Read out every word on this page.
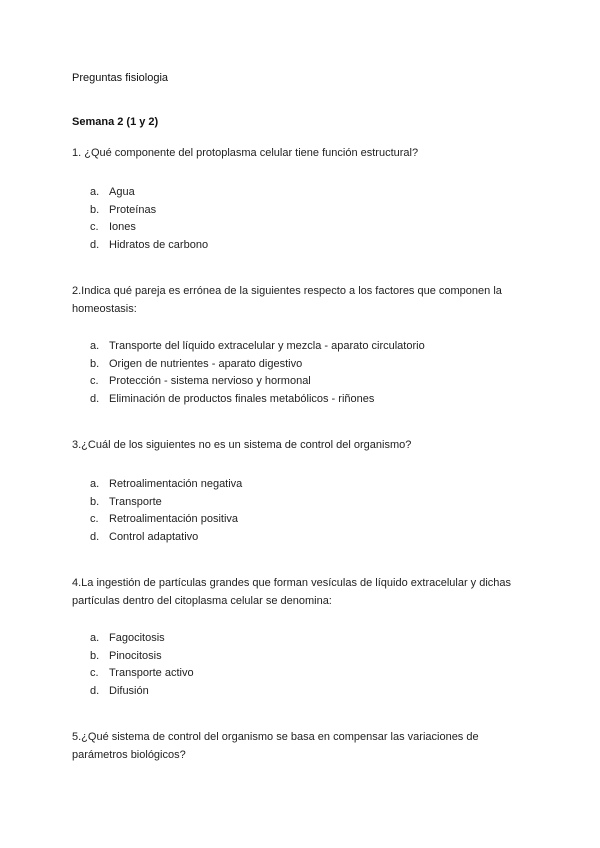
Preguntas fisiologia

Semana 2 (1 y 2)

1. ¿Qué componente del protoplasma celular tiene función estructural?

a. Agua
b. Proteínas
c. Iones
d. Hidratos de carbono

2.Indica qué pareja es errónea de la siguientes respecto a los factores que componen la homeostasis:

a. Transporte del líquido extracelular y mezcla - aparato circulatorio
b. Origen de nutrientes - aparato digestivo
c. Protección - sistema nervioso y hormonal
d. Eliminación de productos finales metabólicos - riñones

3.¿Cuál de los siguientes no es un sistema de control del organismo?

a. Retroalimentación negativa
b. Transporte
c. Retroalimentación positiva
d. Control adaptativo

4.La ingestión de partículas grandes que forman vesículas de líquido extracelular y dichas partículas dentro del citoplasma celular se denomina:

a. Fagocitosis
b. Pinocitosis
c. Transporte activo
d. Difusión

5.¿Qué sistema de control del organismo se basa en compensar las variaciones de parámetros biológicos?
